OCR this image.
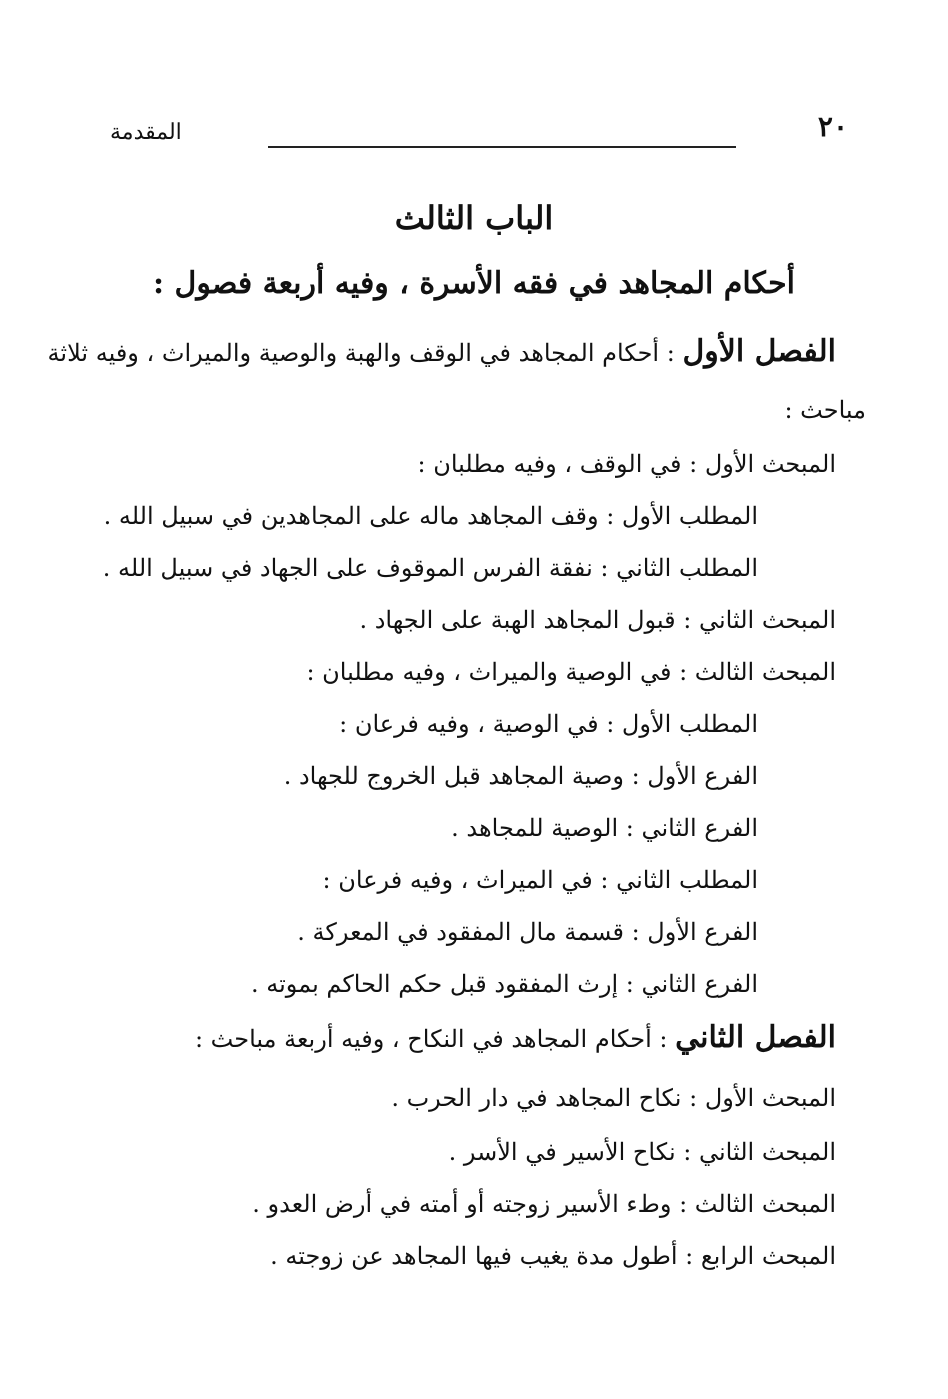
٢٠
المقدمة
الباب الثالث
أحكام المجاهد في فقه الأسرة ، وفيه أربعة فصول :
الفصل الأول : أحكام المجاهد في الوقف والهبة والوصية والميراث ، وفيه ثلاثة
مباحث :
المبحث الأول : في الوقف ، وفيه مطلبان :
المطلب الأول : وقف المجاهد ماله على المجاهدين في سبيل الله .
المطلب الثاني : نفقة الفرس الموقوف على الجهاد في سبيل الله .
المبحث الثاني : قبول المجاهد الهبة على الجهاد .
المبحث الثالث : في الوصية والميراث ، وفيه مطلبان :
المطلب الأول : في الوصية ، وفيه فرعان :
الفرع الأول : وصية المجاهد قبل الخروج للجهاد .
الفرع الثاني : الوصية للمجاهد .
المطلب الثاني : في الميراث ، وفيه فرعان :
الفرع الأول : قسمة مال المفقود في المعركة .
الفرع الثاني : إرث المفقود قبل حكم الحاكم بموته .
الفصل الثاني : أحكام المجاهد في النكاح ، وفيه أربعة مباحث :
المبحث الأول : نكاح المجاهد في دار الحرب .
المبحث الثاني : نكاح الأسير في الأسر .
المبحث الثالث : وطء الأسير زوجته أو أمته في أرض العدو .
المبحث الرابع : أطول مدة يغيب فيها المجاهد عن زوجته .
